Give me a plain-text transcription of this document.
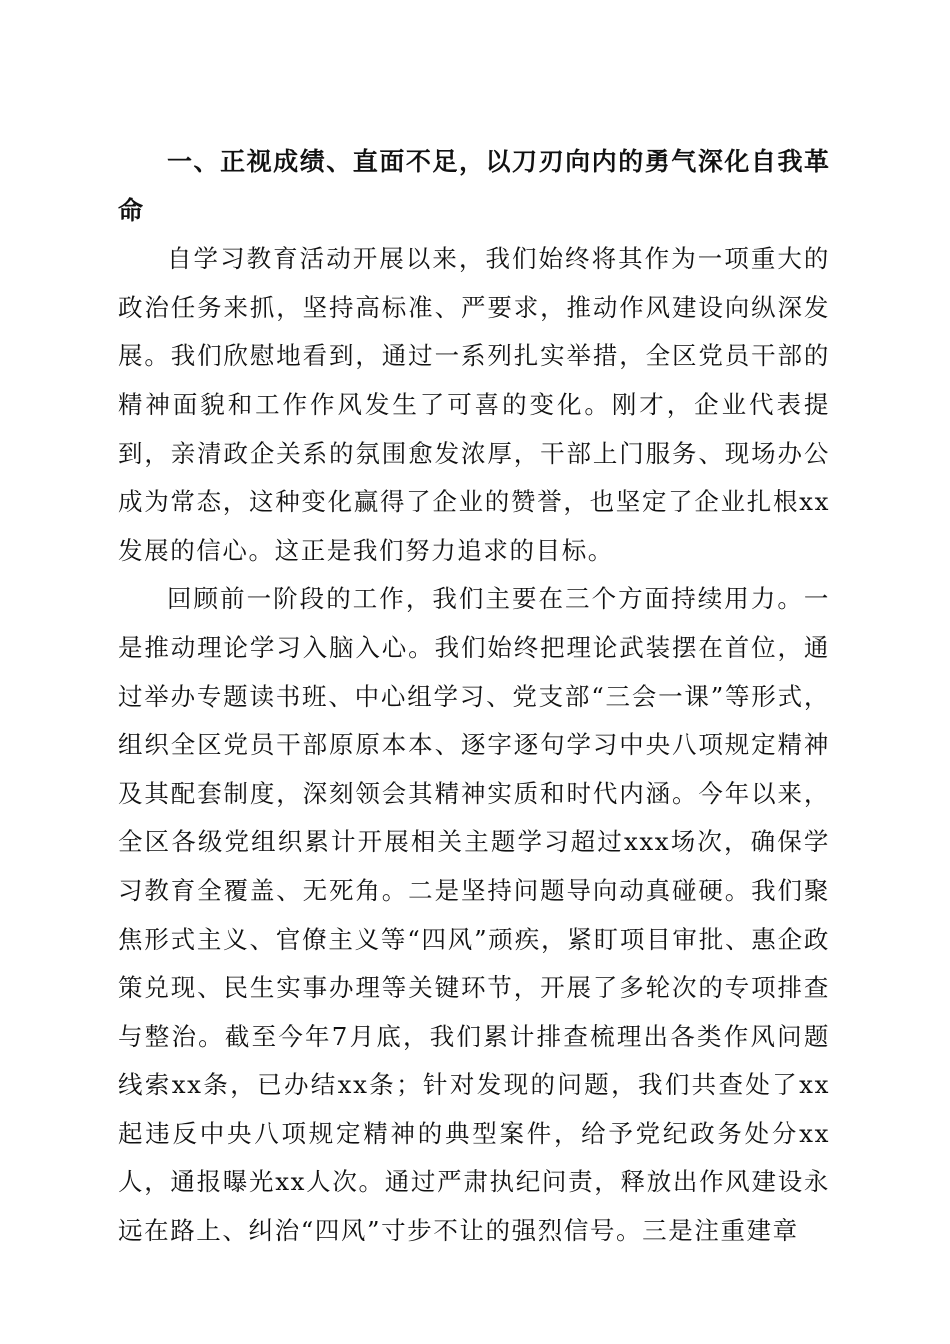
一、正视成绩、直面不足，以刀刃向内的勇气深化自我革命

自学习教育活动开展以来，我们始终将其作为一项重大的政治任务来抓，坚持高标准、严要求，推动作风建设向纵深发展。我们欣慰地看到，通过一系列扎实举措，全区党员干部的精神面貌和工作作风发生了可喜的变化。刚才，企业代表提到，亲清政企关系的氛围愈发浓厚，干部上门服务、现场办公成为常态，这种变化赢得了企业的赞誉，也坚定了企业扎根xx发展的信心。这正是我们努力追求的目标。

回顾前一阶段的工作，我们主要在三个方面持续用力。一是推动理论学习入脑入心。我们始终把理论武装摆在首位，通过举办专题读书班、中心组学习、党支部“三会一课”等形式，组织全区党员干部原原本本、逐字逐句学习中央八项规定精神及其配套制度，深刻领会其精神实质和时代内涵。今年以来，全区各级党组织累计开展相关主题学习超过xxx场次，确保学习教育全覆盖、无死角。二是坚持问题导向动真碰硬。我们聚焦形式主义、官僚主义等“四风”顽疾，紧盯项目审批、惠企政策兑现、民生实事办理等关键环节，开展了多轮次的专项排查与整治。截至今年7月底，我们累计排查梳理出各类作风问题线索xx条，已办结xx条；针对发现的问题，我们共查处了xx起违反中央八项规定精神的典型案件，给予党纪政务处分xx人，通报曝光xx人次。通过严肃执纪问责，释放出作风建设永远在路上、纠治“四风”寸步不让的强烈信号。三是注重建章
